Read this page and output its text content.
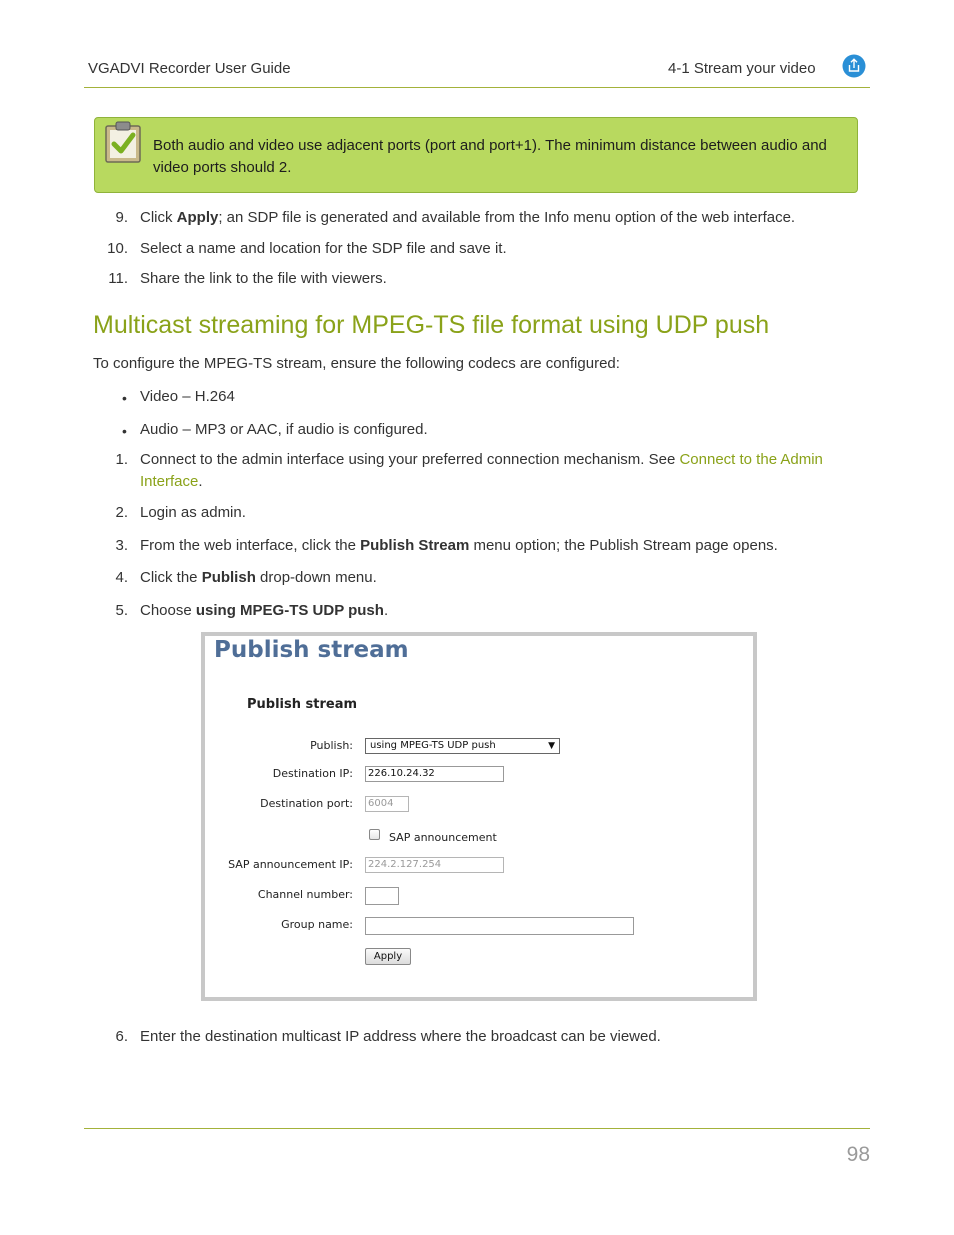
VGADVI Recorder User Guide	4-1 Stream your video
Both audio and video use adjacent ports (port and port+1). The minimum distance between audio and video ports should 2.
9. Click Apply; an SDP file is generated and available from the Info menu option of the web interface.
10. Select a name and location for the SDP file and save it.
11. Share the link to the file with viewers.
Multicast streaming for MPEG-TS file format using UDP push
To configure the MPEG-TS stream, ensure the following codecs are configured:
• Video – H.264
• Audio – MP3 or AAC, if audio is configured.
1. Connect to the admin interface using your preferred connection mechanism. See Connect to the Admin
Interface.
2. Login as admin.
3. From the web interface, click the Publish Stream menu option; the Publish Stream page opens.
4. Click the Publish drop-down menu.
5. Choose using MPEG-TS UDP push.
Publish stream
Publish stream
Publish:	using MPEG-TS UDP push	▼
Destination IP:	226.10.24.32
Destination port:	6004
SAP announcement
SAP announcement IP:	224.2.127.254
Channel number:
Group name:
Apply
6. Enter the destination multicast IP address where the broadcast can be viewed.
98
